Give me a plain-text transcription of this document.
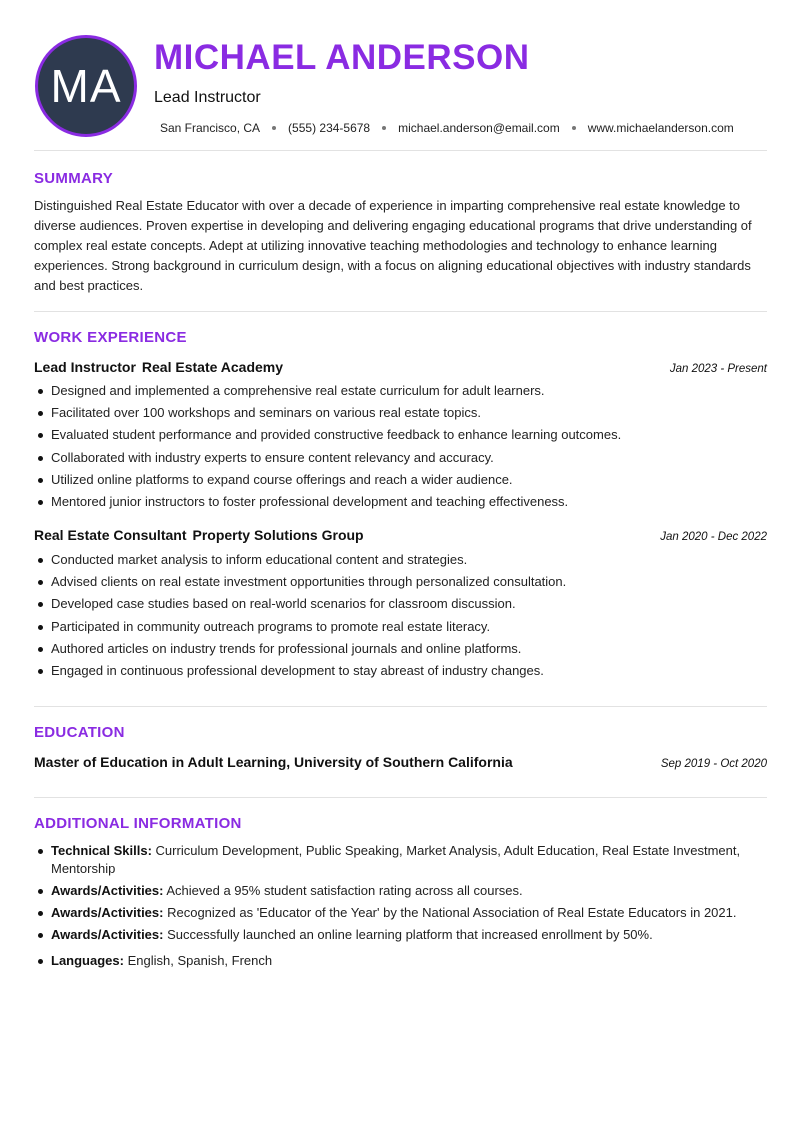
MA
MICHAEL ANDERSON
Lead Instructor
San Francisco, CA (555) 234-5678 michael.anderson@email.com www.michaelanderson.com
SUMMARY

Distinguished Real Estate Educator with over a decade of experience in imparting comprehensive real estate knowledge to diverse audiences. Proven expertise in developing and delivering engaging educational programs that drive understanding of complex real estate concepts. Adept at utilizing innovative teaching methodologies and technology to enhance learning experiences. Strong background in curriculum design, with a focus on aligning educational objectives with industry standards and best practices.

WORK EXPERIENCE
Lead Instructor Real Estate Academy	Jan 2023 - Present
Designed and implemented a comprehensive real estate curriculum for adult learners.
Facilitated over 100 workshops and seminars on various real estate topics.
Evaluated student performance and provided constructive feedback to enhance learning outcomes.
Collaborated with industry experts to ensure content relevancy and accuracy.
Utilized online platforms to expand course offerings and reach a wider audience.
Mentored junior instructors to foster professional development and teaching effectiveness.
Real Estate Consultant Property Solutions Group	Jan 2020 - Dec 2022
Conducted market analysis to inform educational content and strategies.
Advised clients on real estate investment opportunities through personalized consultation.
Developed case studies based on real-world scenarios for classroom discussion.
Participated in community outreach programs to promote real estate literacy.
Authored articles on industry trends for professional journals and online platforms.
Engaged in continuous professional development to stay abreast of industry changes.
EDUCATION
Master of Education in Adult Learning, University of Southern California	Sep 2019 - Oct 2020
ADDITIONAL INFORMATION
Technical Skills: Curriculum Development, Public Speaking, Market Analysis, Adult Education, Real Estate Investment, Mentorship
Awards/Activities: Achieved a 95% student satisfaction rating across all courses.
Awards/Activities: Recognized as 'Educator of the Year' by the National Association of Real Estate Educators in 2021.
Awards/Activities: Successfully launched an online learning platform that increased enrollment by 50%.
Languages: English, Spanish, French
